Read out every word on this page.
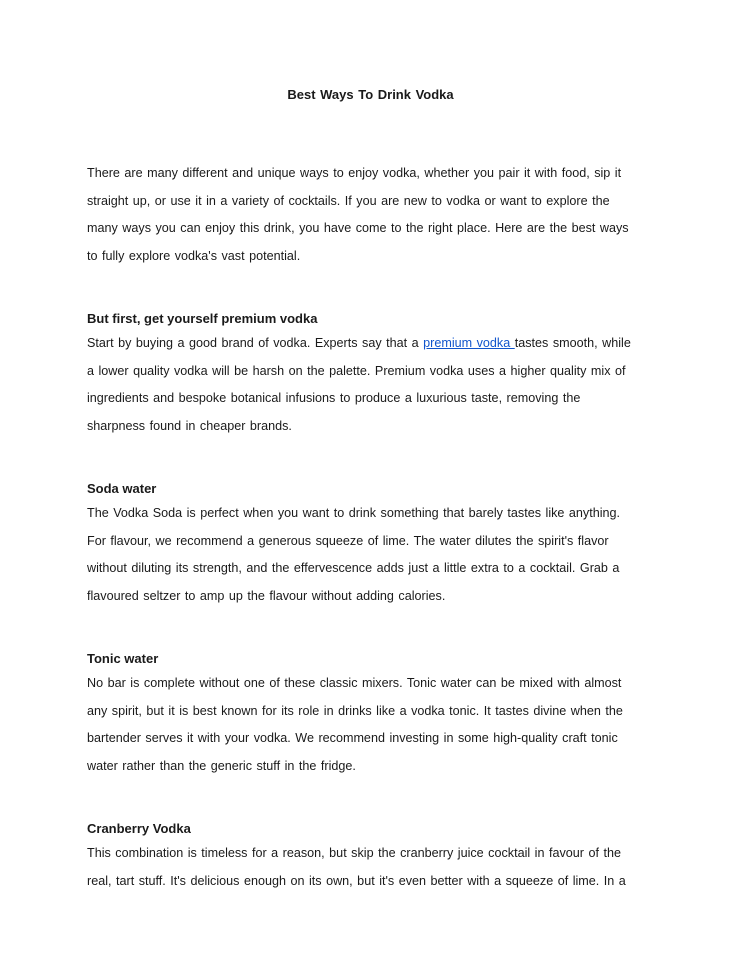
Best Ways To Drink Vodka

There are many different and unique ways to enjoy vodka, whether you pair it with food, sip it straight up, or use it in a variety of cocktails. If you are new to vodka or want to explore the many ways you can enjoy this drink, you have come to the right place. Here are the best ways to fully explore vodka's vast potential.

But first, get yourself premium vodka

Start by buying a good brand of vodka. Experts say that a premium vodka tastes smooth, while a lower quality vodka will be harsh on the palette. Premium vodka uses a higher quality mix of ingredients and bespoke botanical infusions to produce a luxurious taste, removing the sharpness found in cheaper brands.

Soda water

The Vodka Soda is perfect when you want to drink something that barely tastes like anything. For flavour, we recommend a generous squeeze of lime. The water dilutes the spirit's flavor without diluting its strength, and the effervescence adds just a little extra to a cocktail. Grab a flavoured seltzer to amp up the flavour without adding calories.

Tonic water

No bar is complete without one of these classic mixers. Tonic water can be mixed with almost any spirit, but it is best known for its role in drinks like a vodka tonic. It tastes divine when the bartender serves it with your vodka. We recommend investing in some high-quality craft tonic water rather than the generic stuff in the fridge.

Cranberry Vodka

This combination is timeless for a reason, but skip the cranberry juice cocktail in favour of the real, tart stuff. It's delicious enough on its own, but it's even better with a squeeze of lime. In a
